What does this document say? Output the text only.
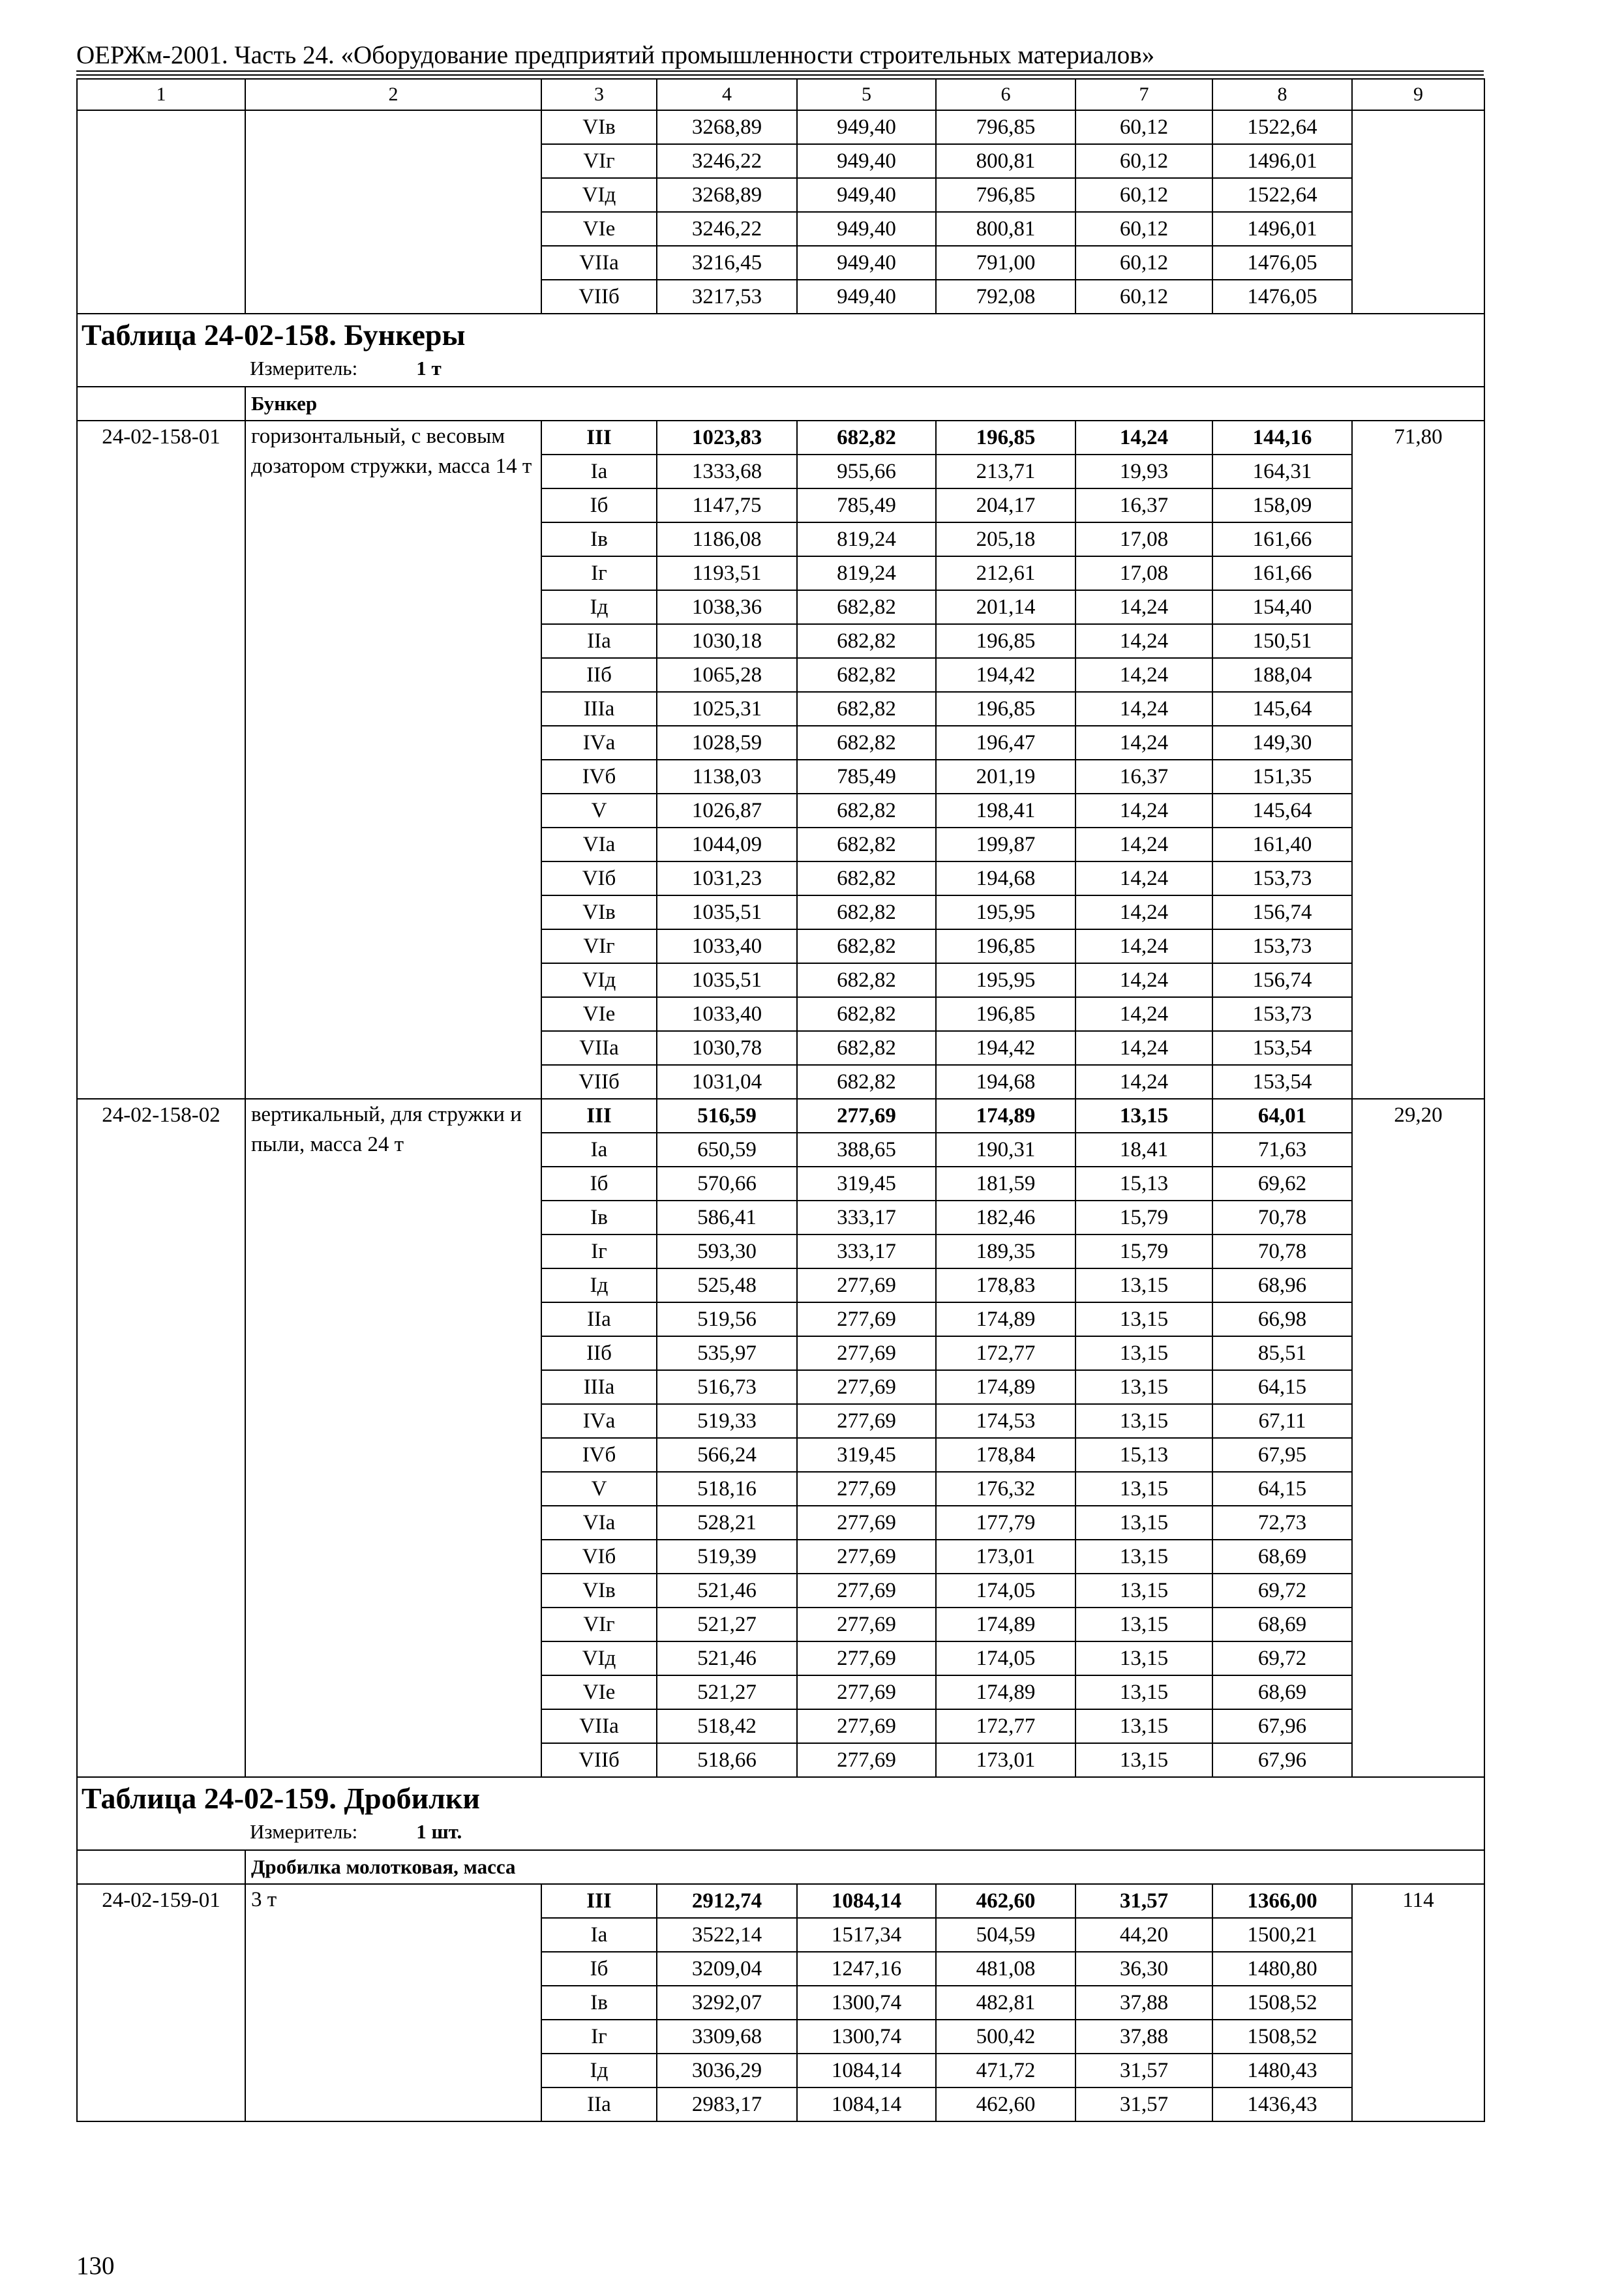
ОЕРЖм-2001. Часть 24. «Оборудование предприятий промышленности строительных материалов»
1	2	3	4	5	6	7	8	9
		VIв	3268,89	949,40	796,85	60,12	1522,64	
		VIг	3246,22	949,40	800,81	60,12	1496,01	
		VIд	3268,89	949,40	796,85	60,12	1522,64	
		VIе	3246,22	949,40	800,81	60,12	1496,01	
		VIIа	3216,45	949,40	791,00	60,12	1476,05	
		VIIб	3217,53	949,40	792,08	60,12	1476,05	

Таблица 24-02-158. Бункеры
Измеритель: 1 т								

	Бункер							
24-02-158-01	горизонтальный, с весовым дозатором стружки, масса 14 т	III	1023,83	682,82	196,85	14,24	144,16	71,80
		Iа	1333,68	955,66	213,71	19,93	164,31	
		Iб	1147,75	785,49	204,17	16,37	158,09	
		Iв	1186,08	819,24	205,18	17,08	161,66	
		Iг	1193,51	819,24	212,61	17,08	161,66	
		Iд	1038,36	682,82	201,14	14,24	154,40	
		IIа	1030,18	682,82	196,85	14,24	150,51	
		IIб	1065,28	682,82	194,42	14,24	188,04	
		IIIа	1025,31	682,82	196,85	14,24	145,64	
		IVа	1028,59	682,82	196,47	14,24	149,30	
		IVб	1138,03	785,49	201,19	16,37	151,35	
		V	1026,87	682,82	198,41	14,24	145,64	
		VIа	1044,09	682,82	199,87	14,24	161,40	
		VIб	1031,23	682,82	194,68	14,24	153,73	
		VIв	1035,51	682,82	195,95	14,24	156,74	
		VIг	1033,40	682,82	196,85	14,24	153,73	
		VIд	1035,51	682,82	195,95	14,24	156,74	
		VIе	1033,40	682,82	196,85	14,24	153,73	
		VIIа	1030,78	682,82	194,42	14,24	153,54	
		VIIб	1031,04	682,82	194,68	14,24	153,54	
24-02-158-02	вертикальный, для стружки и пыли, масса 24 т	III	516,59	277,69	174,89	13,15	64,01	29,20
		Iа	650,59	388,65	190,31	18,41	71,63	
		Iб	570,66	319,45	181,59	15,13	69,62	
		Iв	586,41	333,17	182,46	15,79	70,78	
		Iг	593,30	333,17	189,35	15,79	70,78	
		Iд	525,48	277,69	178,83	13,15	68,96	
		IIа	519,56	277,69	174,89	13,15	66,98	
		IIб	535,97	277,69	172,77	13,15	85,51	
		IIIа	516,73	277,69	174,89	13,15	64,15	
		IVа	519,33	277,69	174,53	13,15	67,11	
		IVб	566,24	319,45	178,84	15,13	67,95	
		V	518,16	277,69	176,32	13,15	64,15	
		VIа	528,21	277,69	177,79	13,15	72,73	
		VIб	519,39	277,69	173,01	13,15	68,69	
		VIв	521,46	277,69	174,05	13,15	69,72	
		VIг	521,27	277,69	174,89	13,15	68,69	
		VIд	521,46	277,69	174,05	13,15	69,72	
		VIе	521,27	277,69	174,89	13,15	68,69	
		VIIа	518,42	277,69	172,77	13,15	67,96	
		VIIб	518,66	277,69	173,01	13,15	67,96	

Таблица 24-02-159. Дробилки
Измеритель: 1 шт.								

	Дробилка молотковая, масса							
24-02-159-01	3 т	III	2912,74	1084,14	462,60	31,57	1366,00	114
		Iа	3522,14	1517,34	504,59	44,20	1500,21	
		Iб	3209,04	1247,16	481,08	36,30	1480,80	
		Iв	3292,07	1300,74	482,81	37,88	1508,52	
		Iг	3309,68	1300,74	500,42	37,88	1508,52	
		Iд	3036,29	1084,14	471,72	31,57	1480,43	
		IIа	2983,17	1084,14	462,60	31,57	1436,43	
130
